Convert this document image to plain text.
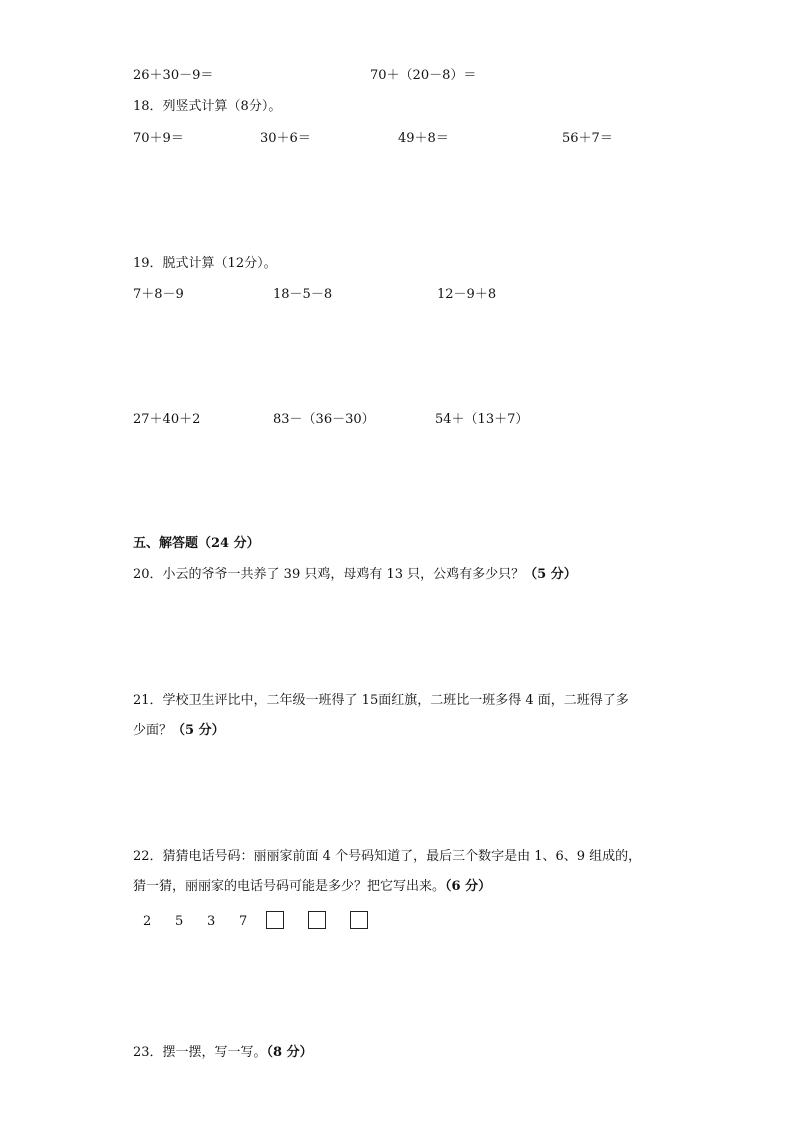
26＋30－9＝	70＋（20－8）＝
18．列竖式计算（8分）。
70＋9＝	30＋6＝	49＋8＝	56＋7＝
19．脱式计算（12分）。
7＋8－9	18－5－8	12－9＋8
27＋40＋2	83－（36－30）	54＋（13＋7）
五、解答题（24 分）
20．小云的爷爷一共养了 39 只鸡，母鸡有 13 只，公鸡有多少只？（5 分）
21．学校卫生评比中，二年级一班得了 15面红旗，二班比一班多得 4 面，二班得了多
少面？（5 分）
22．猜猜电话号码：丽丽家前面 4 个号码知道了，最后三个数字是由 1、6、9 组成的，
猜一猜，丽丽家的电话号码可能是多少？把它写出来。（6 分）
2 5 3 7
23．摆一摆，写一写。（8 分）
